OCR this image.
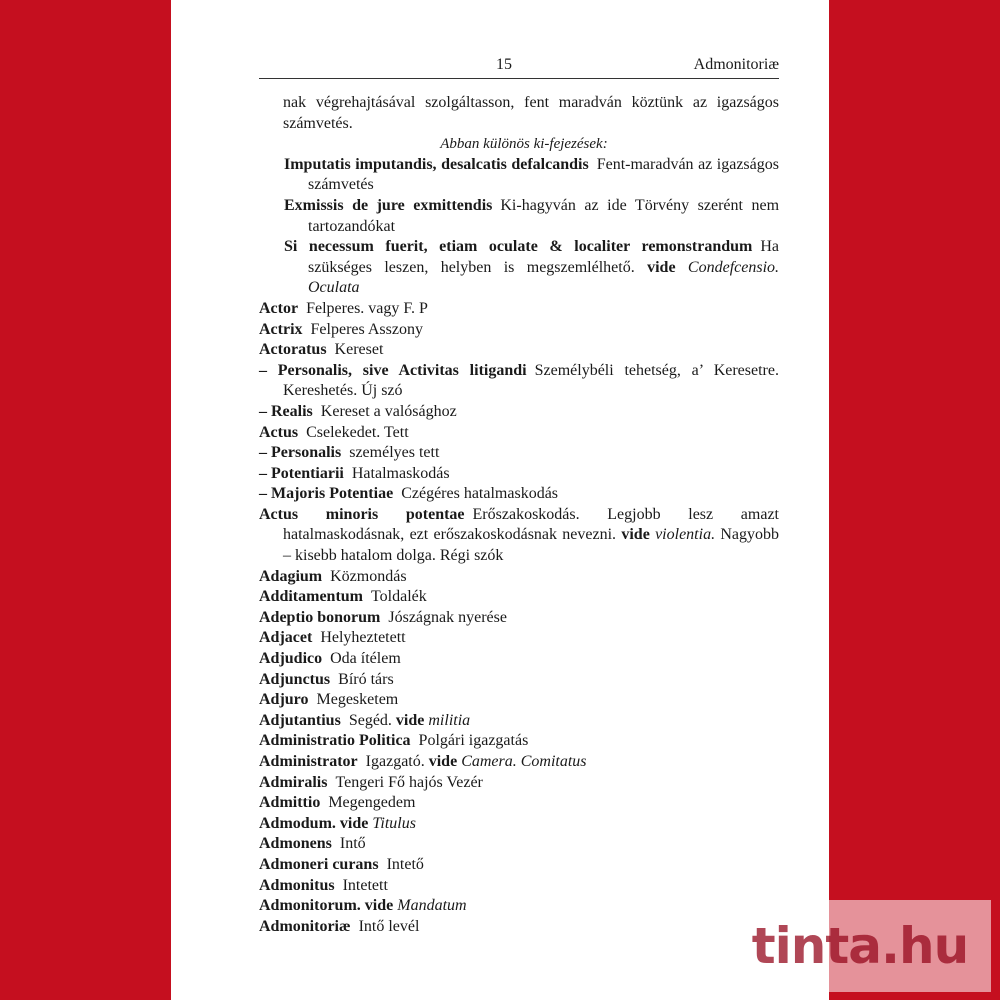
15	Admonitoriæ

nak végrehajtásával szolgáltasson, fent maradván köztünk az igazságos számvetés.

Abban különös ki-fejezések:

Imputatis imputandis, desalcatis defalcandis  Fent-maradván az igazságos számvetés

Exmissis de jure exmittendis  Ki-hagyván az ide Törvény szerént nem tartozandókat

Si necessum fuerit, etiam oculate & localiter remonstrandum  Ha szükséges leszen, helyben is megszemlélhető. vide Condefcensio. Oculata

Actor  Felperes. vagy F. P

Actrix  Felperes Asszony

Actoratus  Kereset

– Personalis, sive Activitas litigandi  Személybéli tehetség, a’ Keresetre. Kereshetés. Új szó

– Realis  Kereset a valósághoz

Actus  Cselekedet. Tett

– Personalis  személyes tett

– Potentiarii  Hatalmaskodás

– Majoris Potentiae  Czégéres hatalmaskodás

Actus minoris potentae  Erőszakoskodás. Legjobb lesz amazt hatalmaskodásnak, ezt erőszakoskodásnak nevezni. vide violentia. Nagyobb – kisebb hatalom dolga. Régi szók

Adagium  Közmondás

Additamentum  Toldalék

Adeptio bonorum  Jószágnak nyerése

Adjacet  Helyheztetett

Adjudico  Oda ítélem

Adjunctus  Bíró társ

Adjuro  Megesketem

Adjutantius  Segéd. vide militia

Administratio Politica  Polgári igazgatás

Administrator  Igazgató. vide Camera. Comitatus

Admiralis  Tengeri Fő hajós Vezér

Admittio  Megengedem

Admodum. vide Titulus

Admonens  Intő

Admoneri curans  Intető

Admonitus  Intetett

Admonitorum. vide Mandatum

Admonitoriæ  Intő levél	tinta.hu
